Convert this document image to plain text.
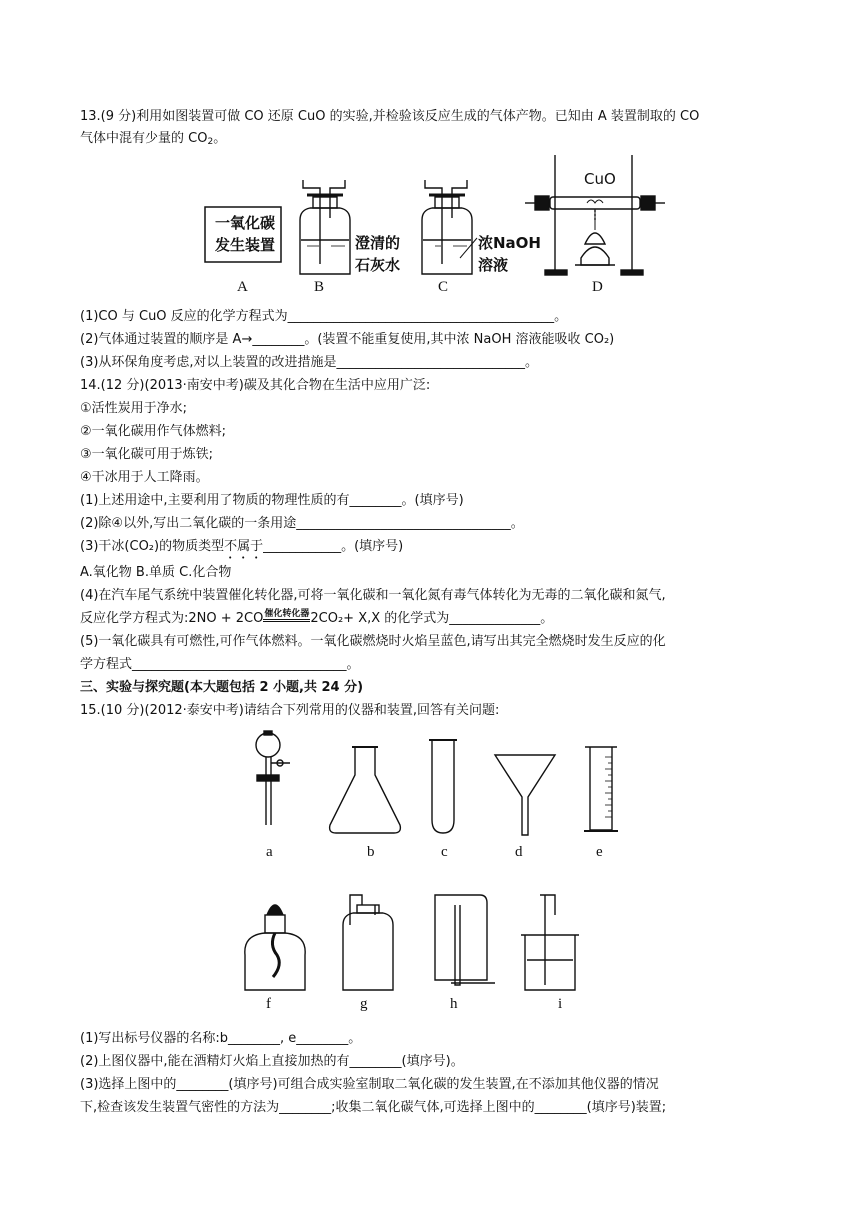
13.(9 分)利用如图装置可做 CO 还原 CuO 的实验,并检验该反应生成的气体产物。已知由 A 装置制取的 CO
气体中混有少量的 $CO_2$。
一氧化碳
发生装置	澄清的
石灰水
浓NaOH
溶液
CuO
A	B	C	D
(1)CO 与 CuO 反应的化学方程式为_________________________________________。
(2)气体通过装置的顺序是 A→________。(装置不能重复使用,其中浓 NaOH 溶液能吸收 CO₂)
(3)从环保角度考虑,对以上装置的改进措施是_____________________________。
14.(12 分)(2013·南安中考)碳及其化合物在生活中应用广泛:
①活性炭用于净水;
②一氧化碳用作气体燃料;
③一氧化碳可用于炼铁;
④干冰用于人工降雨。
(1)上述用途中,主要利用了物质的物理性质的有________。(填序号)
(2)除④以外,写出二氧化碳的一条用途_________________________________。
(3)干冰(CO₂)的物质类型不属于____________。(填序号)
A.氧化物 B.单质 C.化合物
(4)在汽车尾气系统中装置催化转化器,可将一氧化碳和一氧化氮有毒气体转化为无毒的二氧化碳和氮气,
反应化学方程式为:2NO + 2CO催化转化器2CO₂+ X,X 的化学式为______________。
(5)一氧化碳具有可燃性,可作气体燃料。一氧化碳燃烧时火焰呈蓝色,请写出其完全燃烧时发生反应的化
学方程式_________________________________。
三、实验与探究题(本大题包括 2 小题,共 24 分)
15.(10 分)(2012·泰安中考)请结合下列常用的仪器和装置,回答有关问题:
a	b	c	d	e
f	g	h	i
(1)写出标号仪器的名称:b________, e________。
(2)上图仪器中,能在酒精灯火焰上直接加热的有________(填序号)。
(3)选择上图中的________(填序号)可组合成实验室制取二氧化碳的发生装置,在不添加其他仪器的情况
下,检查该发生装置气密性的方法为________;收集二氧化碳气体,可选择上图中的________(填序号)装置;
